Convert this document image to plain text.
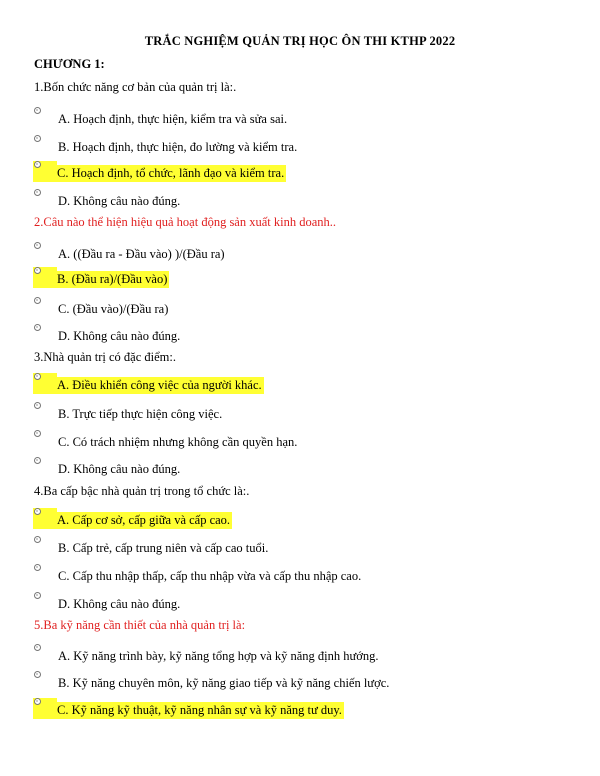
TRẮC NGHIỆM QUẢN TRỊ HỌC ÔN THI KTHP 2022
CHƯƠNG 1:
1.Bốn chức năng cơ bản của quản trị là:.
A. Hoạch định, thực hiện, kiểm tra và sửa sai.
B. Hoạch định, thực hiện, đo lường và kiểm tra.
C. Hoạch định, tổ chức, lãnh đạo và kiểm tra.
D. Không câu nào đúng.
2.Câu nào thể hiện hiệu quả hoạt động sản xuất kinh doanh..
A. ((Đầu ra - Đầu vào) )/(Đầu ra)
B. (Đầu ra)/(Đầu vào)
C. (Đầu vào)/(Đầu ra)
D. Không câu nào đúng.
3.Nhà quản trị có đặc điểm:.
A. Điều khiển công việc của người khác.
B. Trực tiếp thực hiện công việc.
C. Có trách nhiệm nhưng không cần quyền hạn.
D. Không câu nào đúng.
4.Ba cấp bậc nhà quản trị trong tổ chức là:.
A. Cấp cơ sở, cấp giữa và cấp cao.
B. Cấp trẻ, cấp trung niên và cấp cao tuổi.
C. Cấp thu nhập thấp, cấp thu nhập vừa và cấp thu nhập cao.
D. Không câu nào đúng.
5.Ba kỹ năng cần thiết của nhà quản trị là:
A. Kỹ năng trình bày, kỹ năng tổng hợp và kỹ năng định hướng.
B. Kỹ năng chuyên môn, kỹ năng giao tiếp và kỹ năng chiến lược.
C. Kỹ năng kỹ thuật, kỹ năng nhân sự và kỹ năng tư duy.
